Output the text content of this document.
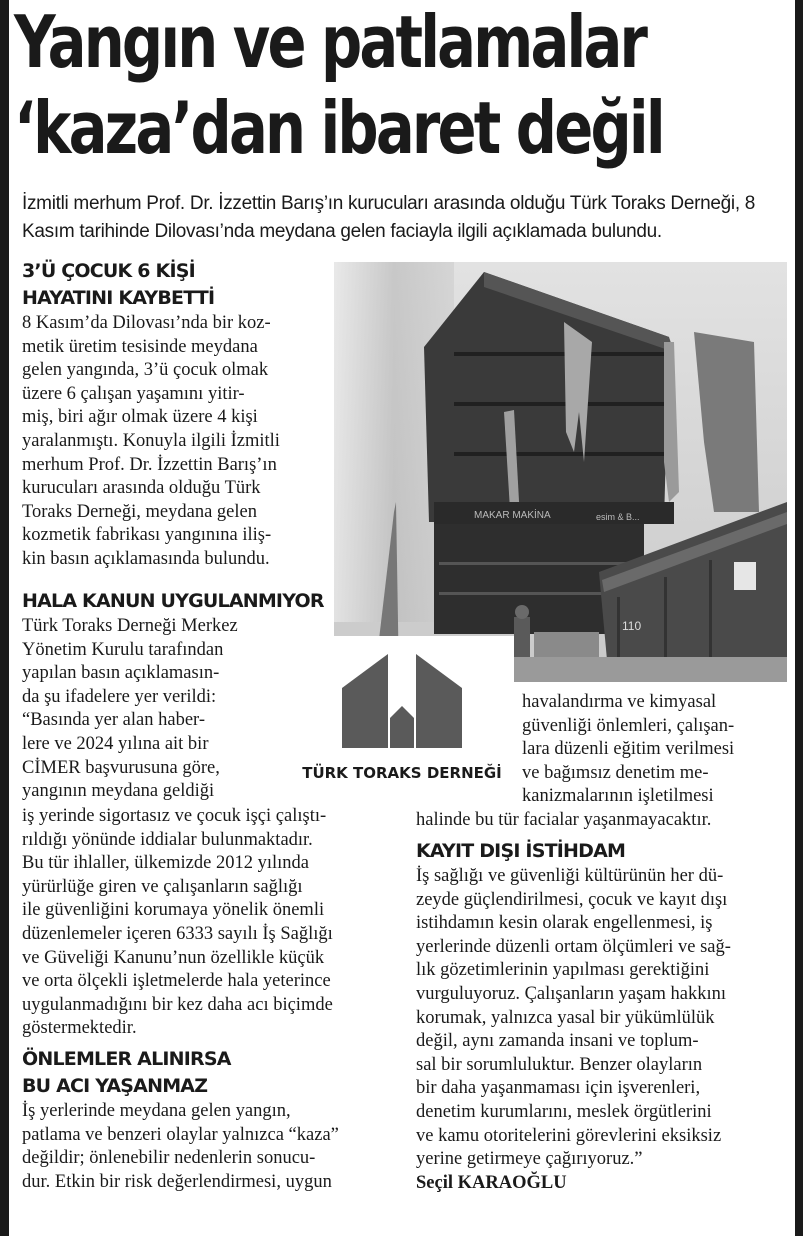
Yangın ve patlamalar
‘kaza’dan ibaret değil
İzmitli merhum Prof. Dr. İzzettin Barış’ın kurucuları arasında olduğu Türk Toraks Derneği, 8 Kasım tarihinde Dilovası’nda meydana gelen faciayla ilgili açıklamada bulundu.
3’Ü ÇOCUK 6 KİŞİ
HAYATINI KAYBETTİ
8 Kasım’da Dilovası’nda bir koz-
metik üretim tesisinde meydana
gelen yangında, 3’ü çocuk olmak
üzere 6 çalışan yaşamını yitir-
miş, biri ağır olmak üzere 4 kişi
yaralanmıştı. Konuyla ilgili İzmitli
merhum Prof. Dr. İzzettin Barış’ın
kurucuları arasında olduğu Türk
Toraks Derneği, meydana gelen
kozmetik fabrikası yangınına iliş-
kin basın açıklamasında bulundu.
HALA KANUN UYGULANMIYOR
Türk Toraks Derneği Merkez
Yönetim Kurulu tarafından
yapılan basın açıklamasın-
da şu ifadelere yer verildi:
“Basında yer alan haber-
lere ve 2024 yılına ait bir
CİMER başvurusuna göre,
yangının meydana geldiği
iş yerinde sigortasız ve çocuk işçi çalıştı-
rıldığı yönünde iddialar bulunmaktadır.
Bu tür ihlaller, ülkemizde 2012 yılında
yürürlüğe giren ve çalışanların sağlığı
ile güvenliğini korumaya yönelik önemli
düzenlemeler içeren 6333 sayılı İş Sağlığı
ve Güveliği Kanunu’nun özellikle küçük
ve orta ölçekli işletmelerde hala yeterince
uygulanmadığını bir kez daha acı biçimde
göstermektedir.
ÖNLEMLER ALINIRSA
BU ACI YAŞANMAZ
İş yerlerinde meydana gelen yangın,
patlama ve benzeri olaylar yalnızca “kaza”
değildir; önlenebilir nedenlerin sonucu-
dur. Etkin bir risk değerlendirmesi, uygun
MAKAR MAKİNA	esim & B...
110
TÜRK TORAKS DERNEĞİ
havalandırma ve kimyasal
güvenliği önlemleri, çalışan-
lara düzenli eğitim verilmesi
ve bağımsız denetim me-
kanizmalarının işletilmesi
halinde bu tür facialar yaşanmayacaktır.
KAYIT DIŞI İSTİHDAM
İş sağlığı ve güvenliği kültürünün her dü-
zeyde güçlendirilmesi, çocuk ve kayıt dışı
istihdamın kesin olarak engellenmesi, iş
yerlerinde düzenli ortam ölçümleri ve sağ-
lık gözetimlerinin yapılması gerektiğini
vurguluyoruz. Çalışanların yaşam hakkını
korumak, yalnızca yasal bir yükümlülük
değil, aynı zamanda insani ve toplum-
sal bir sorumluluktur. Benzer olayların
bir daha yaşanmaması için işverenleri,
denetim kurumlarını, meslek örgütlerini
ve kamu otoritelerini görevlerini eksiksiz
yerine getirmeye çağırıyoruz.”
Seçil KARAOĞLU
